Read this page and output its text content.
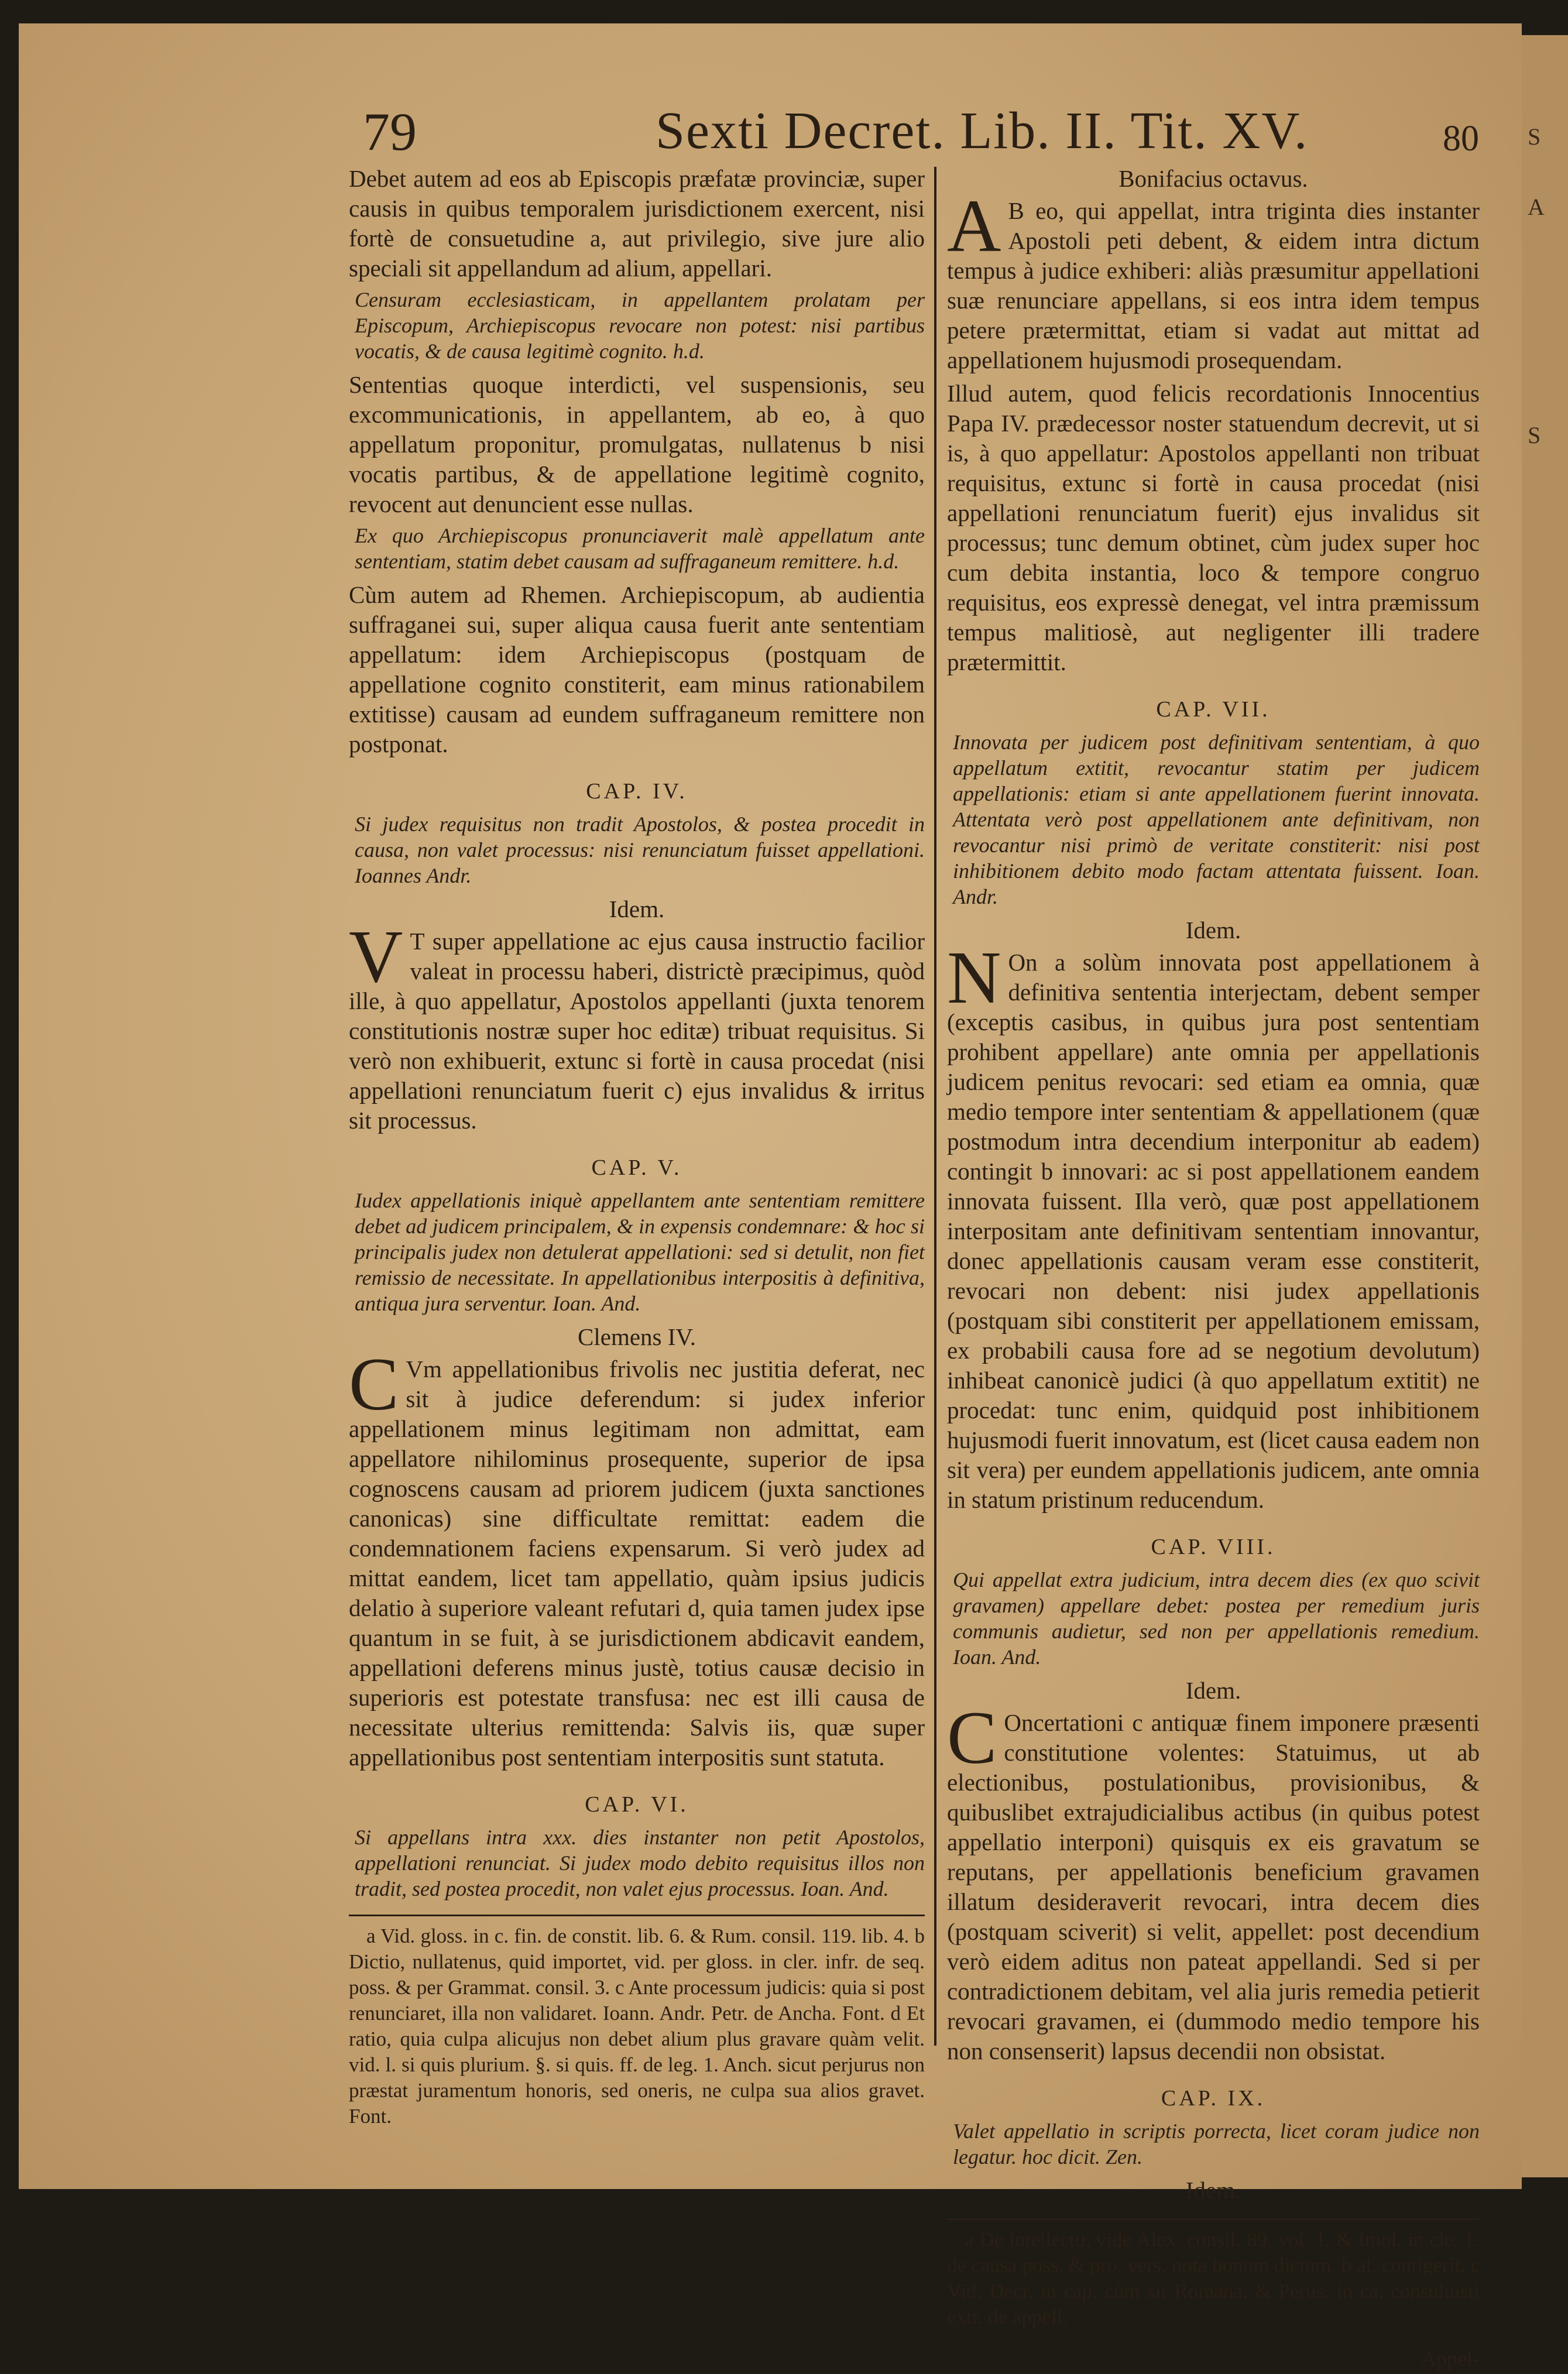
S
A
S
79	Sexti Decret. Lib. II. Tit. XV.	80

Debet autem ad eos ab Episcopis præfatæ provinciæ, super causis in quibus temporalem jurisdictionem exercent, nisi fortè de consuetudine a, aut privilegio, sive jure alio speciali sit appellandum ad alium, appellari.

Censuram ecclesiasticam, in appellantem prolatam per Episcopum, Archiepiscopus revocare non potest: nisi partibus vocatis, & de causa legitimè cognito. h.d.

Sententias quoque interdicti, vel suspensionis, seu excommunicationis, in appellantem, ab eo, à quo appellatum proponitur, promulgatas, nullatenus b nisi vocatis partibus, & de appellatione legitimè cognito, revocent aut denuncient esse nullas.

Ex quo Archiepiscopus pronunciaverit malè appellatum ante sententiam, statim debet causam ad suffraganeum remittere. h.d.

Cùm autem ad Rhemen. Archiepiscopum, ab audientia suffraganei sui, super aliqua causa fuerit ante sententiam appellatum: idem Archiepiscopus (postquam de appellatione cognito constiterit, eam minus rationabilem extitisse) causam ad eundem suffraganeum remittere non postponat.

CAP. IV.

Si judex requisitus non tradit Apostolos, & postea procedit in causa, non valet processus: nisi renunciatum fuisset appellationi. Ioannes Andr.

Idem.

V T super appellatione ac ejus causa instructio facilior valeat in processu haberi, districtè præcipimus, quòd ille, à quo appellatur, Apostolos appellanti (juxta tenorem constitutionis nostræ super hoc editæ) tribuat requisitus. Si verò non exhibuerit, extunc si fortè in causa procedat (nisi appellationi renunciatum fuerit c) ejus invalidus & irritus sit processus.

CAP. V.

Iudex appellationis iniquè appellantem ante sententiam remittere debet ad judicem principalem, & in expensis condemnare: & hoc si principalis judex non detulerat appellationi: sed si detulit, non fiet remissio de necessitate. In appellationibus interpositis à definitiva, antiqua jura serventur. Ioan. And.

Clemens IV.

C Vm appellationibus frivolis nec justitia deferat, nec sit à judice deferendum: si judex inferior appellationem minus legitimam non admittat, eam appellatore nihilominus prosequente, superior de ipsa cognoscens causam ad priorem judicem (juxta sanctiones canonicas) sine difficultate remittat: eadem die condemnationem faciens expensarum. Si verò judex ad mittat eandem, licet tam appellatio, quàm ipsius judicis delatio à superiore valeant refutari d, quia tamen judex ipse quantum in se fuit, à se jurisdictionem abdicavit eandem, appellationi deferens minus justè, totius causæ decisio in superioris est potestate transfusa: nec est illi causa de necessitate ulterius remittenda: Salvis iis, quæ super appellationibus post sententiam interpositis sunt statuta.

CAP. VI.

Si appellans intra xxx. dies instanter non petit Apostolos, appellationi renunciat. Si judex modo debito requisitus illos non tradit, sed postea procedit, non valet ejus processus. Ioan. And.

a Vid. gloss. in c. fin. de constit. lib. 6. & Rum. consil. 119. lib. 4. b Dictio, nullatenus, quid importet, vid. per gloss. in cler. infr. de seq. poss. & per Grammat. consil. 3. c Ante processum judicis: quia si post renunciaret, illa non validaret. Ioann. Andr. Petr. de Ancha. Font. d Et ratio, quia culpa alicujus non debet alium plus gravare quàm velit. vid. l. si quis plurium. §. si quis. ff. de leg. 1. Anch. sicut perjurus non præstat juramentum honoris, sed oneris, ne culpa sua alios gravet. Font.

Bonifacius octavus.

A B eo, qui appellat, intra triginta dies instanter Apostoli peti debent, & eidem intra dictum tempus à judice exhiberi: aliàs præsumitur appellationi suæ renunciare appellans, si eos intra idem tempus petere prætermittat, etiam si vadat aut mittat ad appellationem hujusmodi prosequendam.

Illud autem, quod felicis recordationis Innocentius Papa IV. prædecessor noster statuendum decrevit, ut si is, à quo appellatur: Apostolos appellanti non tribuat requisitus, extunc si fortè in causa procedat (nisi appellationi renunciatum fuerit) ejus invalidus sit processus; tunc demum obtinet, cùm judex super hoc cum debita instantia, loco & tempore congruo requisitus, eos expressè denegat, vel intra præmissum tempus malitiosè, aut negligenter illi tradere prætermittit.

CAP. VII.

Innovata per judicem post definitivam sententiam, à quo appellatum extitit, revocantur statim per judicem appellationis: etiam si ante appellationem fuerint innovata. Attentata verò post appellationem ante definitivam, non revocantur nisi primò de veritate constiterit: nisi post inhibitionem debito modo factam attentata fuissent. Ioan. Andr.

Idem.

N On a solùm innovata post appellationem à definitiva sententia interjectam, debent semper (exceptis casibus, in quibus jura post sententiam prohibent appellare) ante omnia per appellationis judicem penitus revocari: sed etiam ea omnia, quæ medio tempore inter sententiam & appellationem (quæ postmodum intra decendium interponitur ab eadem) contingit b innovari: ac si post appellationem eandem innovata fuissent. Illa verò, quæ post appellationem interpositam ante definitivam sententiam innovantur, donec appellationis causam veram esse constiterit, revocari non debent: nisi judex appellationis (postquam sibi constiterit per appellationem emissam, ex probabili causa fore ad se negotium devolutum) inhibeat canonicè judici (à quo appellatum extitit) ne procedat: tunc enim, quidquid post inhibitionem hujusmodi fuerit innovatum, est (licet causa eadem non sit vera) per eundem appellationis judicem, ante omnia in statum pristinum reducendum.

CAP. VIII.

Qui appellat extra judicium, intra decem dies (ex quo scivit gravamen) appellare debet: postea per remedium juris communis audietur, sed non per appellationis remedium. Ioan. And.

Idem.

C Oncertationi c antiquæ finem imponere præsenti constitutione volentes: Statuimus, ut ab electionibus, postulationibus, provisionibus, & quibuslibet extrajudicialibus actibus (in quibus potest appellatio interponi) quisquis ex eis gravatum se reputans, per appellationis beneficium gravamen illatum desideraverit revocari, intra decem dies (postquam sciverit) si velit, appellet: post decendium verò eidem aditus non pateat appellandi. Sed si per contradictionem debitam, vel alia juris remedia petierit revocari gravamen, ei (dummodo medio tempore his non consenserit) lapsus decendii non obsistat.

CAP. IX.

Valet appellatio in scriptis porrecta, licet coram judice non legatur. hoc dicit. Zen.

Idem.

a De intellectu, vide Alex. consil. 89. vol. 1. & Imol. in cle. 1. de causa poss. & pro. vers. nota bonum dictum. b al. contigerit. c Vid. Decr. in cap. cùm sit Romana. & Perus. in ca. consuluisti extr. de appell.

Appel-
